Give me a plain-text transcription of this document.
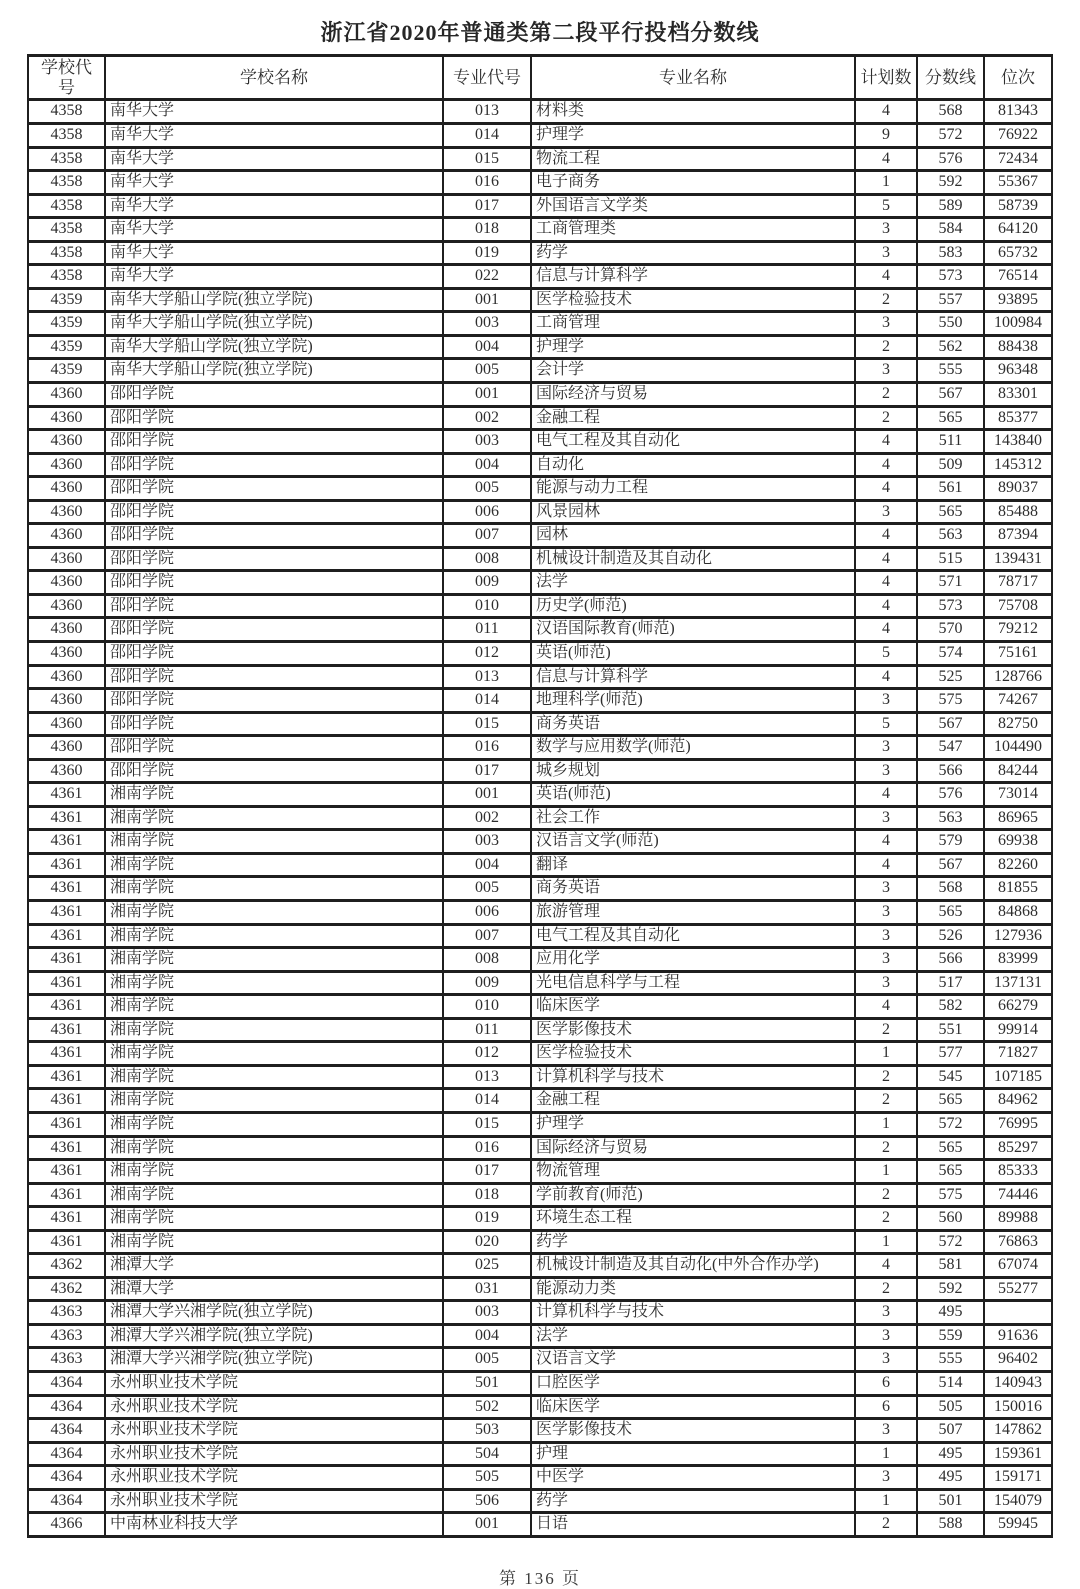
浙江省2020年普通类第二段平行投档分数线
学校代号	学校名称	专业代号	专业名称	计划数	分数线	位次
4358	南华大学	013	材料类	4	568	81343
4358	南华大学	014	护理学	9	572	76922
4358	南华大学	015	物流工程	4	576	72434
4358	南华大学	016	电子商务	1	592	55367
4358	南华大学	017	外国语言文学类	5	589	58739
4358	南华大学	018	工商管理类	3	584	64120
4358	南华大学	019	药学	3	583	65732
4358	南华大学	022	信息与计算科学	4	573	76514
4359	南华大学船山学院(独立学院)	001	医学检验技术	2	557	93895
4359	南华大学船山学院(独立学院)	003	工商管理	3	550	100984
4359	南华大学船山学院(独立学院)	004	护理学	2	562	88438
4359	南华大学船山学院(独立学院)	005	会计学	3	555	96348
4360	邵阳学院	001	国际经济与贸易	2	567	83301
4360	邵阳学院	002	金融工程	2	565	85377
4360	邵阳学院	003	电气工程及其自动化	4	511	143840
4360	邵阳学院	004	自动化	4	509	145312
4360	邵阳学院	005	能源与动力工程	4	561	89037
4360	邵阳学院	006	风景园林	3	565	85488
4360	邵阳学院	007	园林	4	563	87394
4360	邵阳学院	008	机械设计制造及其自动化	4	515	139431
4360	邵阳学院	009	法学	4	571	78717
4360	邵阳学院	010	历史学(师范)	4	573	75708
4360	邵阳学院	011	汉语国际教育(师范)	4	570	79212
4360	邵阳学院	012	英语(师范)	5	574	75161
4360	邵阳学院	013	信息与计算科学	4	525	128766
4360	邵阳学院	014	地理科学(师范)	3	575	74267
4360	邵阳学院	015	商务英语	5	567	82750
4360	邵阳学院	016	数学与应用数学(师范)	3	547	104490
4360	邵阳学院	017	城乡规划	3	566	84244
4361	湘南学院	001	英语(师范)	4	576	73014
4361	湘南学院	002	社会工作	3	563	86965
4361	湘南学院	003	汉语言文学(师范)	4	579	69938
4361	湘南学院	004	翻译	4	567	82260
4361	湘南学院	005	商务英语	3	568	81855
4361	湘南学院	006	旅游管理	3	565	84868
4361	湘南学院	007	电气工程及其自动化	3	526	127936
4361	湘南学院	008	应用化学	3	566	83999
4361	湘南学院	009	光电信息科学与工程	3	517	137131
4361	湘南学院	010	临床医学	4	582	66279
4361	湘南学院	011	医学影像技术	2	551	99914
4361	湘南学院	012	医学检验技术	1	577	71827
4361	湘南学院	013	计算机科学与技术	2	545	107185
4361	湘南学院	014	金融工程	2	565	84962
4361	湘南学院	015	护理学	1	572	76995
4361	湘南学院	016	国际经济与贸易	2	565	85297
4361	湘南学院	017	物流管理	1	565	85333
4361	湘南学院	018	学前教育(师范)	2	575	74446
4361	湘南学院	019	环境生态工程	2	560	89988
4361	湘南学院	020	药学	1	572	76863
4362	湘潭大学	025	机械设计制造及其自动化(中外合作办学)	4	581	67074
4362	湘潭大学	031	能源动力类	2	592	55277
4363	湘潭大学兴湘学院(独立学院)	003	计算机科学与技术	3	495	
4363	湘潭大学兴湘学院(独立学院)	004	法学	3	559	91636
4363	湘潭大学兴湘学院(独立学院)	005	汉语言文学	3	555	96402
4364	永州职业技术学院	501	口腔医学	6	514	140943
4364	永州职业技术学院	502	临床医学	6	505	150016
4364	永州职业技术学院	503	医学影像技术	3	507	147862
4364	永州职业技术学院	504	护理	1	495	159361
4364	永州职业技术学院	505	中医学	3	495	159171
4364	永州职业技术学院	506	药学	1	501	154079
4366	中南林业科技大学	001	日语	2	588	59945
第 136 页
